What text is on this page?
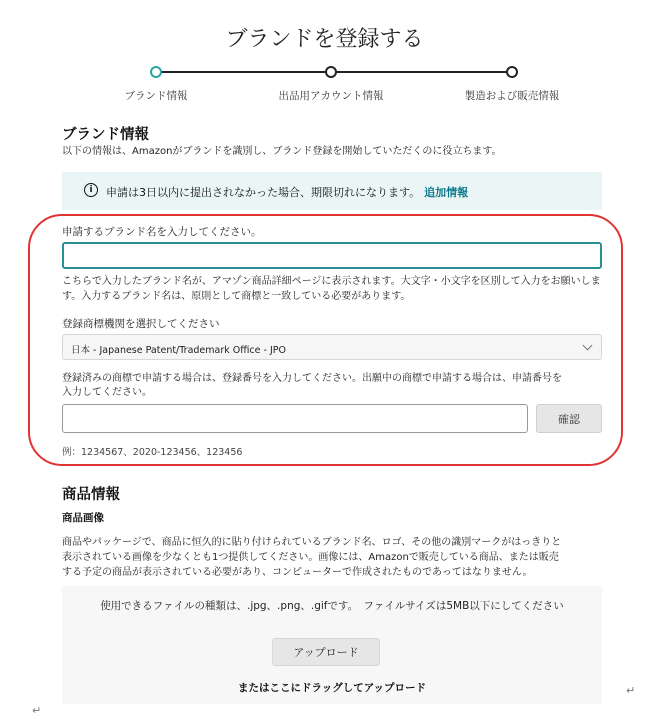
ブランドを登録する
ブランド情報	出品用アカウント情報	製造および販売情報
ブランド情報
以下の情報は、Amazonがブランドを識別し、ブランド登録を開始していただくのに役立ちます。
i	申請は3日以内に提出されなかった場合、期限切れになります。 追加情報
申請するブランド名を入力してください。
こちらで入力したブランド名が、アマゾン商品詳細ページに表示されます。大文字・小文字を区別して入力をお願いしま
す。入力するブランド名は、原則として商標と一致している必要があります。
登録商標機関を選択してください
日本 - Japanese Patent/Trademark Office - JPO
登録済みの商標で申請する場合は、登録番号を入力してください。出願中の商標で申請する場合は、申請番号を
入力してください。
確認
例：1234567、2020-123456、123456
商品情報
商品画像
商品やパッケージで、商品に恒久的に貼り付けられているブランド名、ロゴ、その他の識別マークがはっきりと
表示されている画像を少なくとも1つ提供してください。画像には、Amazonで販売している商品、または販売
する予定の商品が表示されている必要があり、コンピューターで作成されたものであってはなりません。
使用できるファイルの種類は、.jpg、.png、.gifです。　ファイルサイズは5MB以下にしてください
アップロード
またはここにドラッグしてアップロード	↵
↵
